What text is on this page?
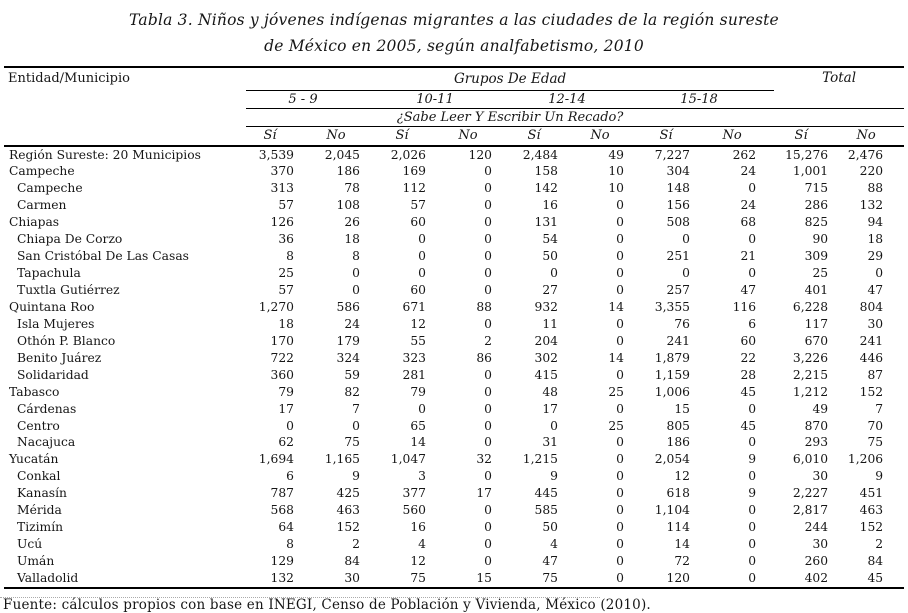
Tabla 3. Niños y jóvenes indígenas migrantes a las ciudades de la región sureste
de México en 2005, según analfabetismo, 2010
Entidad/Municipio	Grupos De Edad								Total	
	5 - 9		10-11		12-14		15-18			
	¿Sabe Leer Y Escribir Un Recado?									
	Sí	No	Sí	No	Sí	No	Sí	No	Sí	No
Región Sureste: 20 Municipios	3,539	2,045	2,026	120	2,484	49	7,227	262	15,276	2,476
Campeche	370	186	169	0	158	10	304	24	1,001	220
Campeche	313	78	112	0	142	10	148	0	715	88
Carmen	57	108	57	0	16	0	156	24	286	132
Chiapas	126	26	60	0	131	0	508	68	825	94
Chiapa De Corzo	36	18	0	0	54	0	0	0	90	18
San Cristóbal De Las Casas	8	8	0	0	50	0	251	21	309	29
Tapachula	25	0	0	0	0	0	0	0	25	0
Tuxtla Gutiérrez	57	0	60	0	27	0	257	47	401	47
Quintana Roo	1,270	586	671	88	932	14	3,355	116	6,228	804
Isla Mujeres	18	24	12	0	11	0	76	6	117	30
Othón P. Blanco	170	179	55	2	204	0	241	60	670	241
Benito Juárez	722	324	323	86	302	14	1,879	22	3,226	446
Solidaridad	360	59	281	0	415	0	1,159	28	2,215	87
Tabasco	79	82	79	0	48	25	1,006	45	1,212	152
Cárdenas	17	7	0	0	17	0	15	0	49	7
Centro	0	0	65	0	0	25	805	45	870	70
Nacajuca	62	75	14	0	31	0	186	0	293	75
Yucatán	1,694	1,165	1,047	32	1,215	0	2,054	9	6,010	1,206
Conkal	6	9	3	0	9	0	12	0	30	9
Kanasín	787	425	377	17	445	0	618	9	2,227	451
Mérida	568	463	560	0	585	0	1,104	0	2,817	463
Tizimín	64	152	16	0	50	0	114	0	244	152
Ucú	8	2	4	0	4	0	14	0	30	2
Umán	129	84	12	0	47	0	72	0	260	84
Valladolid	132	30	75	15	75	0	120	0	402	45
Fuente: cálculos propios con base en INEGI, Censo de Población y Vivienda, México (2010).
